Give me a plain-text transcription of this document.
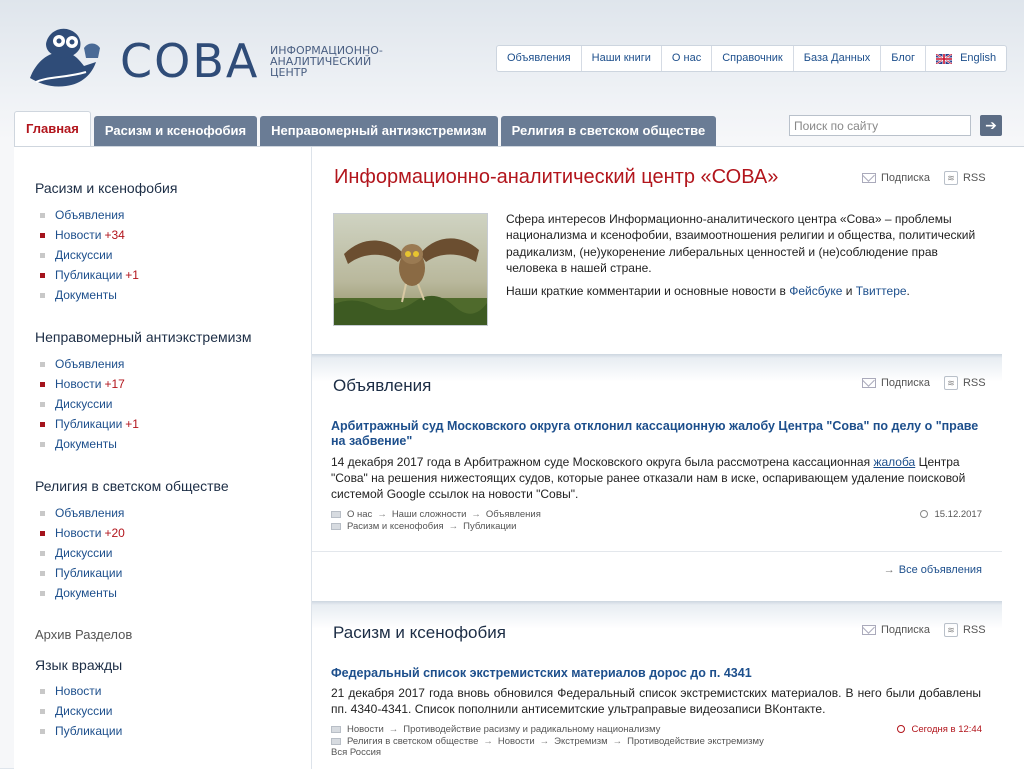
СОВА ИНФОРМАЦИОННО-
АНАЛИТИЧЕСКИЙ
ЦЕНТР
Объявления	Наши книги	О нас	Справочник	База Данных	Блог	English
Главная	Расизм и ксенофобия	Неправомерный антиэкстремизм	Религия в светском обществе	Поиск по сайту	➔
Расизм и ксенофобия
Объявления
Новости +34
Дискуссии
Публикации +1
Документы
Неправомерный антиэкстремизм
Объявления
Новости +17
Дискуссии
Публикации +1
Документы
Религия в светском обществе
Объявления
Новости +20
Дискуссии
Публикации
Документы
Архив Разделов
Язык вражды
Новости
Дискуссии
Публикации
Информационно-аналитический центр «СОВА»	Подписка	≋ RSS
Сфера интересов Информационно-аналитического центра «Сова» – проблемы национализма и ксенофобии, взаимоотношения религии и общества, политический радикализм, (не)укоренение либеральных ценностей и (не)соблюдение прав человека в нашей стране.
Наши краткие комментарии и основные новости в Фейсбуке и Твиттере.
Объявления	Подписка	≋ RSS
Арбитражный суд Московского округа отклонил кассационную жалобу Центра "Сова" по делу о "праве на забвение"
14 декабря 2017 года в Арбитражном суде Московского округа была рассмотрена кассационная жалоба Центра "Сова" на решения нижестоящих судов, которые ранее отказали нам в иске, оспаривающем удаление поисковой системой Google ссылок на новости "Совы".
О нас → Наши сложности → Объявления
Расизм и ксенофобия → Публикации
15.12.2017
→ Все объявления
Расизм и ксенофобия	Подписка	≋ RSS
Федеральный список экстремистских материалов дорос до п. 4341
21 декабря 2017 года вновь обновился Федеральный список экстремистских материалов. В него были добавлены пп. 4340-4341. Список пополнили антисемитские ультраправые видеозаписи ВКонтакте.
Новости → Противодействие расизму и радикальному национализму
Религия в светском обществе → Новости → Экстремизм → Противодействие экстремизму
Вся Россия
Сегодня в 12:44
